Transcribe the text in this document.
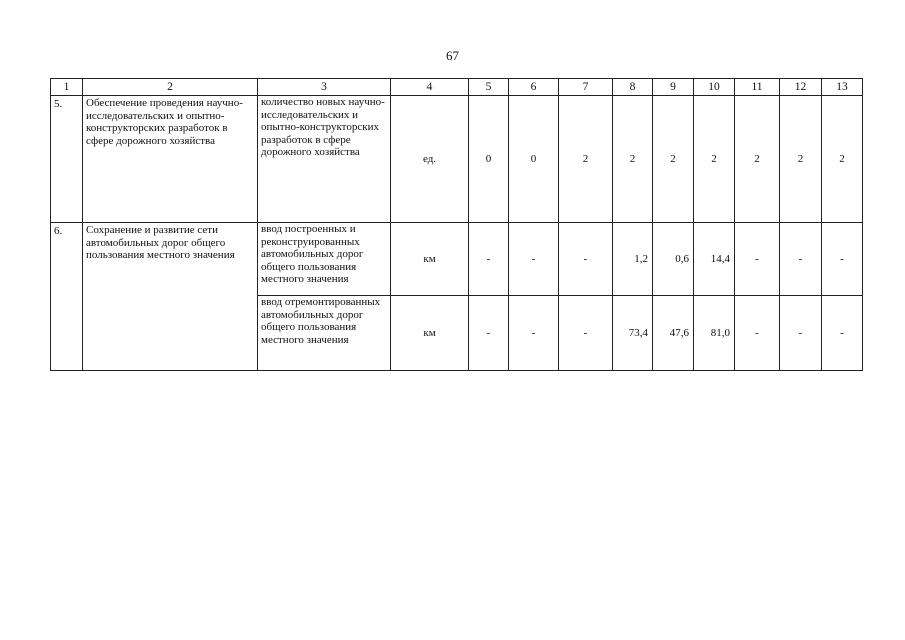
67
1	2	3	4	5	6	7	8	9	10	11	12	13
5.	Обеспечение проведения научно-исследовательских и опытно-конструкторских разработок в сфере дорожного хозяйства	количество новых научно-исследовательских и опытно-конструкторских разработок в сфере дорожного хозяйства	ед.	0	0	2	2	2	2	2	2	2
6.	Сохранение и развитие сети автомобильных дорог общего пользования местного значения	ввод построенных и реконструированных автомобильных дорог общего пользования местного значения	км	-	-	-	1,2	0,6	14,4	-	-	-
		ввод отремонтированных автомобильных дорог общего пользования местного значения	км	-	-	-	73,4	47,6	81,0	-	-	-
